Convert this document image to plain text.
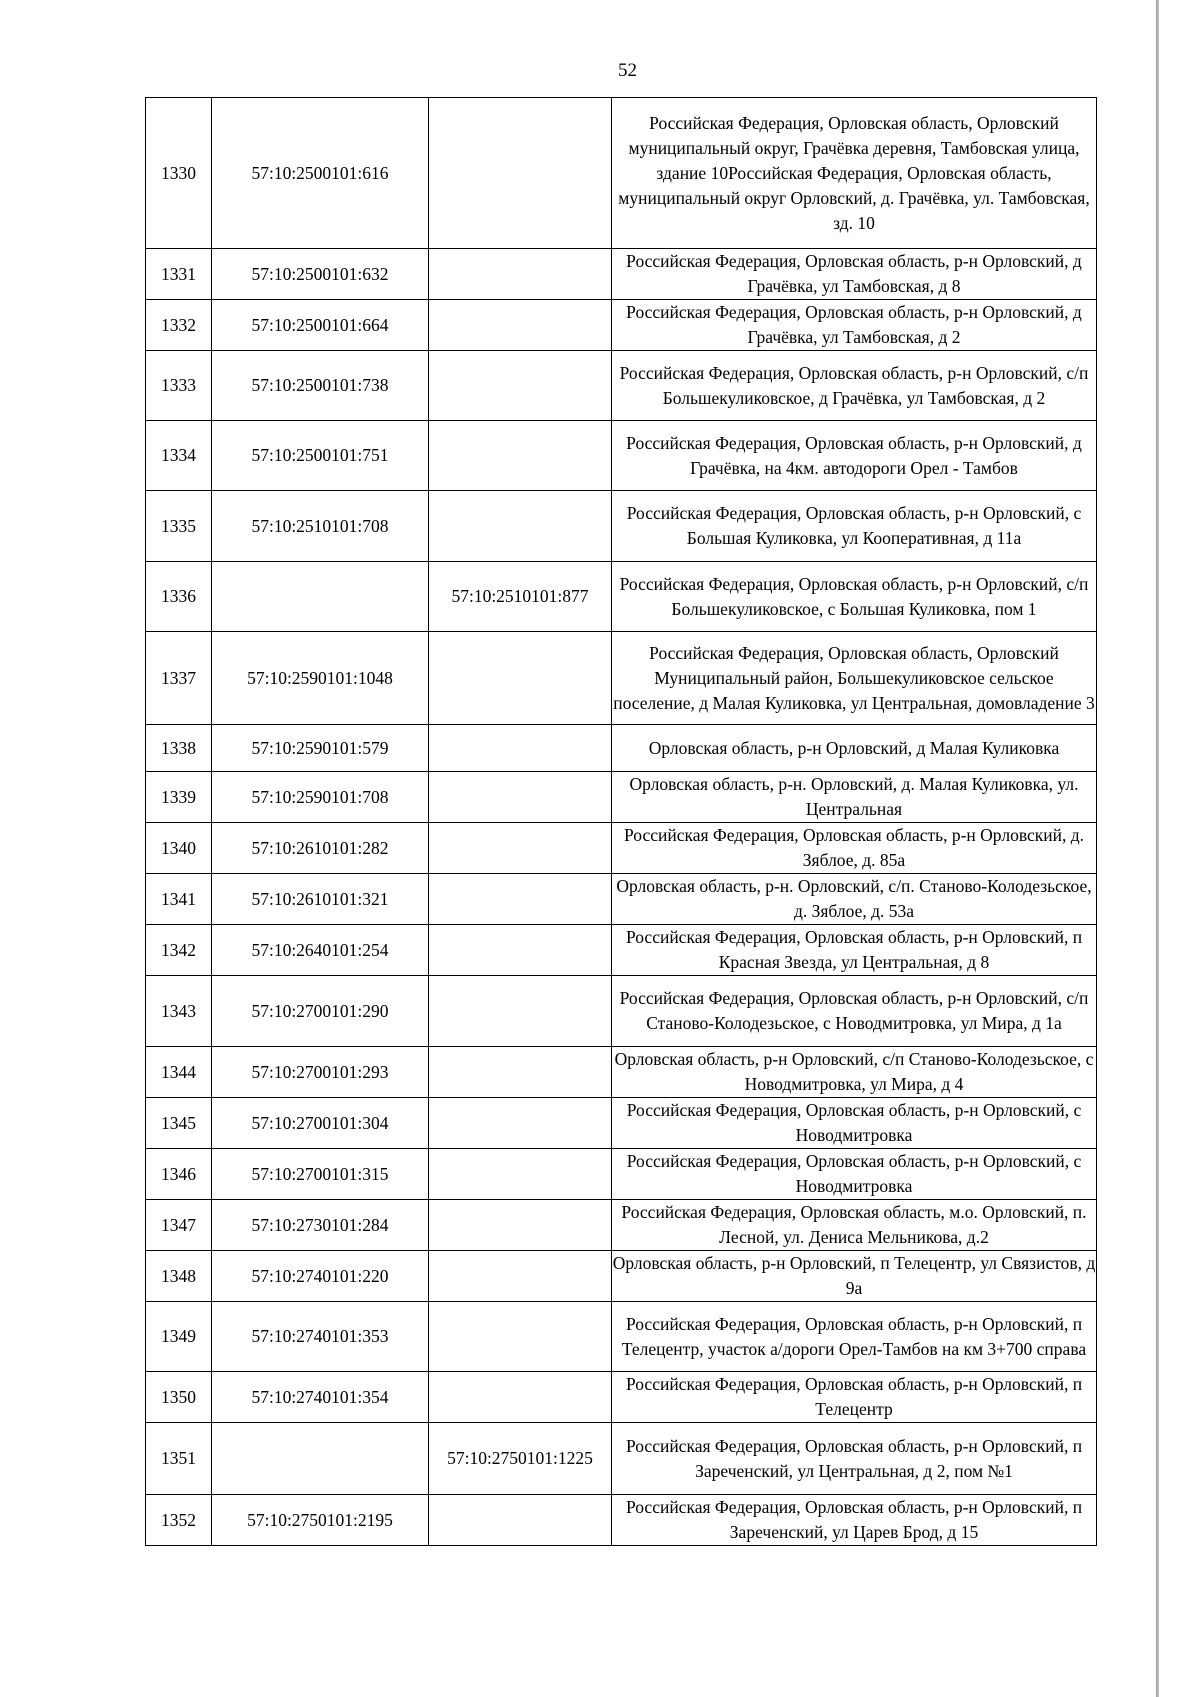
52
1330	57:10:2500101:616		Российская Федерация, Орловская область, Орловский муниципальный округ, Грачёвка деревня, Тамбовская улица, здание 10Российская Федерация, Орловская область, муниципальный округ Орловский, д. Грачёвка, ул. Тамбовская, зд. 10
1331	57:10:2500101:632		Российская Федерация, Орловская область, р-н Орловский, д Грачёвка, ул Тамбовская, д 8
1332	57:10:2500101:664		Российская Федерация, Орловская область, р-н Орловский, д Грачёвка, ул Тамбовская, д 2
1333	57:10:2500101:738		Российская Федерация, Орловская область, р-н Орловский, с/п Большекуликовское, д Грачёвка, ул Тамбовская, д 2
1334	57:10:2500101:751		Российская Федерация, Орловская область, р-н Орловский, д Грачёвка, на 4км. автодороги Орел - Тамбов
1335	57:10:2510101:708		Российская Федерация, Орловская область, р-н Орловский, с Большая Куликовка, ул Кооперативная, д 11а
1336		57:10:2510101:877	Российская Федерация, Орловская область, р-н Орловский, с/п Большекуликовское, с Большая Куликовка, пом 1
1337	57:10:2590101:1048		Российская Федерация, Орловская область, Орловский Муниципальный район, Большекуликовское сельское поселение, д Малая Куликовка, ул Центральная, домовладение 3
1338	57:10:2590101:579		Орловская область, р-н Орловский, д Малая Куликовка
1339	57:10:2590101:708		Орловская область, р-н. Орловский, д. Малая Куликовка, ул. Центральная
1340	57:10:2610101:282		Российская Федерация, Орловская область, р-н Орловский, д. Зяблое, д. 85а
1341	57:10:2610101:321		Орловская область, р-н. Орловский, с/п. Станово-Колодезьское, д. Зяблое, д. 53а
1342	57:10:2640101:254		Российская Федерация, Орловская область, р-н Орловский, п Красная Звезда, ул Центральная, д 8
1343	57:10:2700101:290		Российская Федерация, Орловская область, р-н Орловский, с/п Станово-Колодезьское, с Новодмитровка, ул Мира, д 1а
1344	57:10:2700101:293		Орловская область, р-н Орловский, с/п Станово-Колодезьское, с Новодмитровка, ул Мира, д 4
1345	57:10:2700101:304		Российская Федерация, Орловская область, р-н Орловский, с Новодмитровка
1346	57:10:2700101:315		Российская Федерация, Орловская область, р-н Орловский, с Новодмитровка
1347	57:10:2730101:284		Российская Федерация, Орловская область, м.о. Орловский, п. Лесной, ул. Дениса Мельникова, д.2
1348	57:10:2740101:220		Орловская область, р-н Орловский, п Телецентр, ул Связистов, д 9а
1349	57:10:2740101:353		Российская Федерация, Орловская область, р-н Орловский, п Телецентр, участок а/дороги Орел-Тамбов на км 3+700 справа
1350	57:10:2740101:354		Российская Федерация, Орловская область, р-н Орловский, п Телецентр
1351		57:10:2750101:1225	Российская Федерация, Орловская область, р-н Орловский, п Зареченский, ул Центральная, д 2, пом №1
1352	57:10:2750101:2195		Российская Федерация, Орловская область, р-н Орловский, п Зареченский, ул Царев Брод, д 15
